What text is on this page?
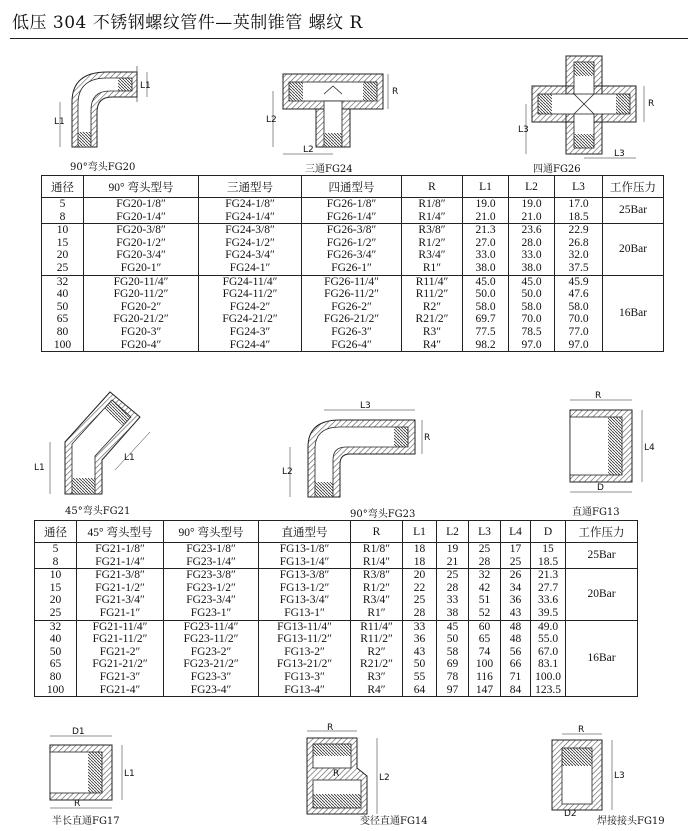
低压 304 不锈钢螺纹管件—英制锥管 螺纹 R
L1
L1
90°弯头FG20
R
L2
L2
三通FG24
R
L3
L3
四通FG26
通径	90° 弯头型号	三通型号	四通型号	R	L1	L2	L3	工作压力
5	FG20-1/8″	FG24-1/8″	FG26-1/8″	R1/8″	19.0	19.0	17.0	25Bar
8	FG20-1/4″	FG24-1/4″	FG26-1/4″	R1/4″	21.0	21.0	18.5	
10	FG20-3/8″	FG24-3/8″	FG26-3/8″	R3/8″	21.3	23.6	22.9	20Bar
15	FG20-1/2″	FG24-1/2″	FG26-1/2″	R1/2″	27.0	28.0	26.8	
20	FG20-3/4″	FG24-3/4″	FG26-3/4″	R3/4″	33.0	33.0	32.0	
25	FG20-1″	FG24-1″	FG26-1″	R1″	38.0	38.0	37.5	
32	FG20-11/4″	FG24-11/4″	FG26-11/4″	R11/4″	45.0	45.0	45.9	16Bar
40	FG20-11/2″	FG24-11/2″	FG26-11/2″	R11/2″	50.0	50.0	47.6	
50	FG20-2″	FG24-2″	FG26-2″	R2″	58.0	58.0	58.0	
65	FG20-21/2″	FG24-21/2″	FG26-21/2″	R21/2″	69.7	70.0	70.0	
80	FG20-3″	FG24-3″	FG26-3″	R3″	77.5	78.5	77.0	
100	FG20-4″	FG24-4″	FG26-4″	R4″	98.2	97.0	97.0	
L1
L1
45°弯头FG21
L3
R
L2
90°弯头FG23
R
L4
D
直通FG13
通径	45° 弯头型号	90° 弯头型号	直通型号	R	L1	L2	L3	L4	D	工作压力
5	FG21-1/8″	FG23-1/8″	FG13-1/8″	R1/8″	18	19	25	17	15	25Bar
8	FG21-1/4″	FG23-1/4″	FG13-1/4″	R1/4″	18	21	28	25	18.5	
10	FG21-3/8″	FG23-3/8″	FG13-3/8″	R3/8″	20	25	32	26	21.3	20Bar
15	FG21-1/2″	FG23-1/2″	FG13-1/2″	R1/2″	22	28	42	34	27.7	
20	FG21-3/4″	FG23-3/4″	FG13-3/4″	R3/4″	25	33	51	36	33.6	
25	FG21-1″	FG23-1″	FG13-1″	R1″	28	38	52	43	39.5	
32	FG21-11/4″	FG23-11/4″	FG13-11/4″	R11/4″	33	45	60	48	49.0	16Bar
40	FG21-11/2″	FG23-11/2″	FG13-11/2″	R11/2″	36	50	65	48	55.0	
50	FG21-2″	FG23-2″	FG13-2″	R2″	43	58	74	56	67.0	
65	FG21-21/2″	FG23-21/2″	FG13-21/2″	R21/2″	50	69	100	66	83.1	
80	FG21-3″	FG23-3″	FG13-3″	R3″	55	78	116	71	100.0	
100	FG21-4″	FG23-4″	FG13-4″	R4″	64	97	147	84	123.5	
D1
L1
R
半长直通FG17
R
L2
R
变径直通FG14
R
L3
D2
焊接接头FG19
